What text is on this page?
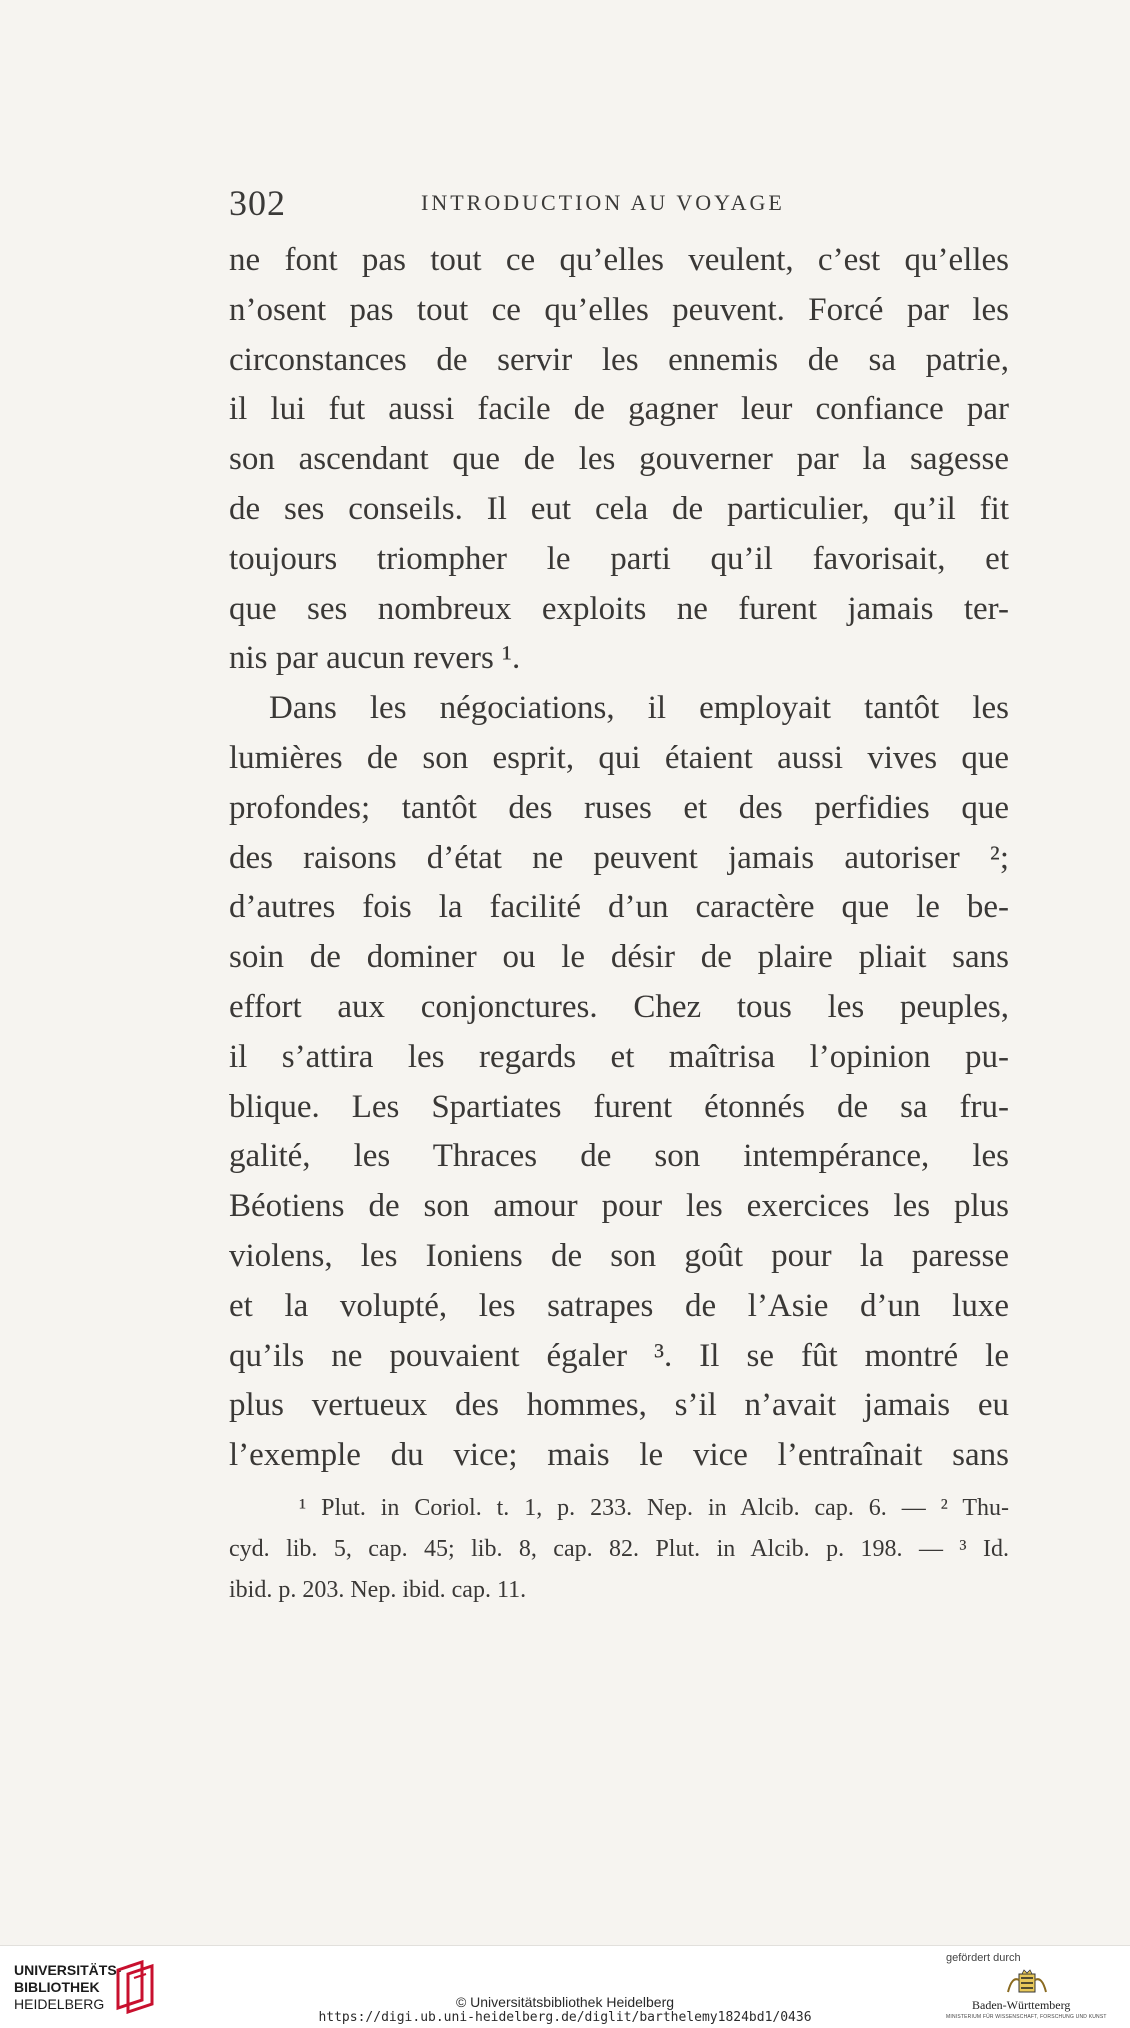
302	INTRODUCTION AU VOYAGE
ne font pas tout ce qu’elles veulent, c’est qu’elles
n’osent pas tout ce qu’elles peuvent. Forcé par les
circonstances de servir les ennemis de sa patrie,
il lui fut aussi facile de gagner leur confiance par
son ascendant que de les gouverner par la sagesse
de ses conseils. Il eut cela de particulier, qu’il fit
toujours triompher le parti qu’il favorisait, et
que ses nombreux exploits ne furent jamais ter-
nis par aucun revers ¹.
Dans les négociations, il employait tantôt les
lumières de son esprit, qui étaient aussi vives que
profondes; tantôt des ruses et des perfidies que
des raisons d’état ne peuvent jamais autoriser ²;
d’autres fois la facilité d’un caractère que le be-
soin de dominer ou le désir de plaire pliait sans
effort aux conjonctures. Chez tous les peuples,
il s’attira les regards et maîtrisa l’opinion pu-
blique. Les Spartiates furent étonnés de sa fru-
galité, les Thraces de son intempérance, les
Béotiens de son amour pour les exercices les plus
violens, les Ioniens de son goût pour la paresse
et la volupté, les satrapes de l’Asie d’un luxe
qu’ils ne pouvaient égaler ³. Il se fût montré le
plus vertueux des hommes, s’il n’avait jamais eu
l’exemple du vice; mais le vice l’entraînait sans
¹ Plut. in Coriol. t. 1, p. 233. Nep. in Alcib. cap. 6. — ² Thu-
cyd. lib. 5, cap. 45; lib. 8, cap. 82. Plut. in Alcib. p. 198. — ³ Id.
ibid. p. 203. Nep. ibid. cap. 11.
UNIVERSITÄTS-
BIBLIOTHEK
HEIDELBERG	© Universitätsbibliothek Heidelberg
https://digi.ub.uni-heidelberg.de/diglit/barthelemy1824bd1/0436
gefördert durch
Baden-Württemberg
MINISTERIUM FÜR WISSENSCHAFT, FORSCHUNG UND KUNST
